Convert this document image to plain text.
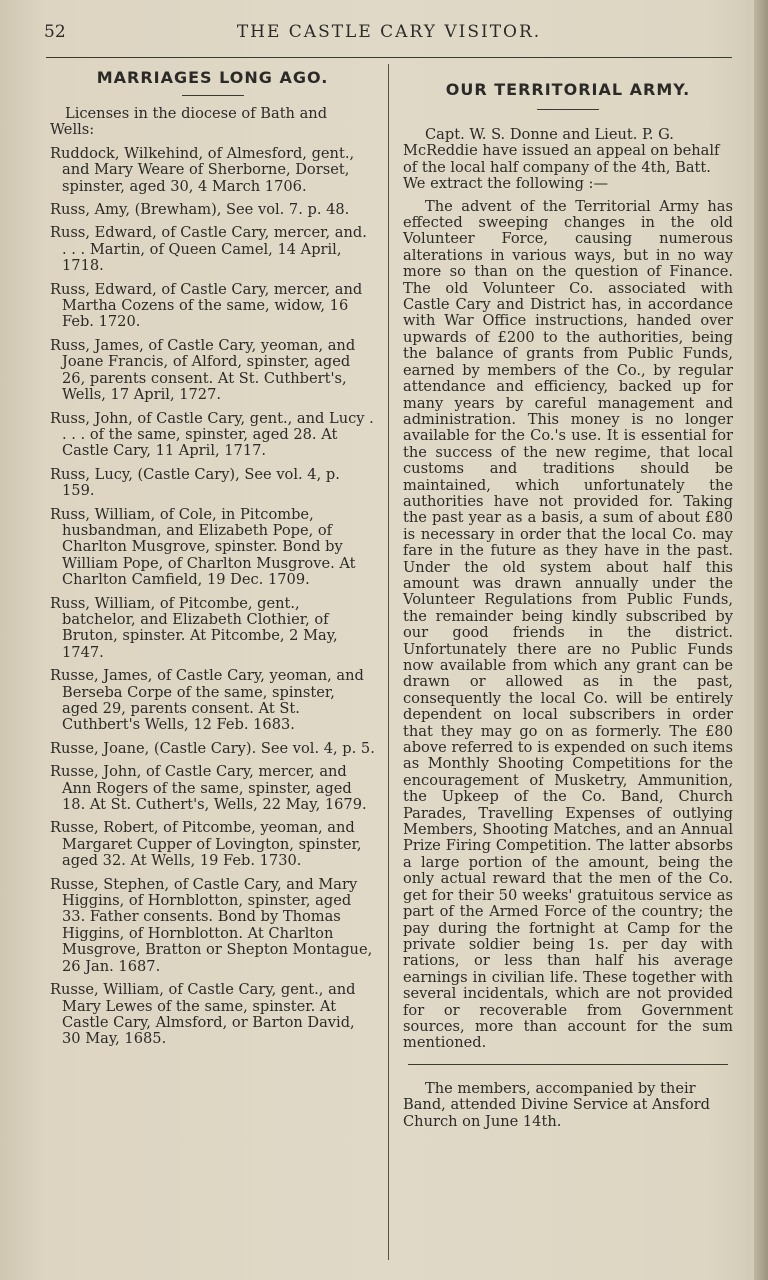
52	THE CASTLE CARY VISITOR.
MARRIAGES LONG AGO.

Licenses in the diocese of Bath and Wells:

Ruddock, Wilkehind, of Almesford, gent., and Mary Weare of Sherborne, Dorset, spinster, aged 30, 4 March 1706.

Russ, Amy, (Brewham), See vol. 7. p. 48.

Russ, Edward, of Castle Cary, mercer, and. . . . Martin, of Queen Camel, 14 April, 1718.

Russ, Edward, of Castle Cary, mercer, and Martha Cozens of the same, widow, 16 Feb. 1720.

Russ, James, of Castle Cary, yeoman, and Joane Francis, of Alford, spinster, aged 26, parents consent. At St. Cuthbert's, Wells, 17 April, 1727.

Russ, John, of Castle Cary, gent., and Lucy . . . . of the same, spinster, aged 28. At Castle Cary, 11 April, 1717.

Russ, Lucy, (Castle Cary), See vol. 4, p. 159.

Russ, William, of Cole, in Pitcombe, husbandman, and Elizabeth Pope, of Charlton Musgrove, spinster. Bond by William Pope, of Charlton Musgrove. At Charlton Camfield, 19 Dec. 1709.

Russ, William, of Pitcombe, gent., batchelor, and Elizabeth Clothier, of Bruton, spinster. At Pitcombe, 2 May, 1747.

Russe, James, of Castle Cary, yeoman, and Berseba Corpe of the same, spinster, aged 29, parents consent. At St. Cuthbert's Wells, 12 Feb. 1683.

Russe, Joane, (Castle Cary). See vol. 4, p. 5.

Russe, John, of Castle Cary, mercer, and Ann Rogers of the same, spinster, aged 18. At St. Cuthert's, Wells, 22 May, 1679.

Russe, Robert, of Pitcombe, yeoman, and Margaret Cupper of Lovington, spinster, aged 32. At Wells, 19 Feb. 1730.

Russe, Stephen, of Castle Cary, and Mary Higgins, of Hornblotton, spinster, aged 33. Father consents. Bond by Thomas Higgins, of Hornblotton. At Charlton Musgrove, Bratton or Shepton Montague, 26 Jan. 1687.

Russe, William, of Castle Cary, gent., and Mary Lewes of the same, spinster. At Castle Cary, Almsford, or Barton David, 30 May, 1685.

OUR TERRITORIAL ARMY.

Capt. W. S. Donne and Lieut. P. G. McReddie have issued an appeal on behalf of the local half company of the 4th, Batt. We extract the following :—

The advent of the Territorial Army has effected sweeping changes in the old Volunteer Force, causing numerous alterations in various ways, but in no way more so than on the question of Finance. The old Volunteer Co. associated with Castle Cary and District has, in accordance with War Office instructions, handed over upwards of £200 to the authorities, being the balance of grants from Public Funds, earned by members of the Co., by regular attendance and efficiency, backed up for many years by careful management and administration. This money is no longer available for the Co.'s use. It is essential for the success of the new regime, that local customs and traditions should be maintained, which unfortunately the authorities have not provided for. Taking the past year as a basis, a sum of about £80 is necessary in order that the local Co. may fare in the future as they have in the past. Under the old system about half this amount was drawn annually under the Volunteer Regulations from Public Funds, the remainder being kindly subscribed by our good friends in the district. Unfortunately there are no Public Funds now available from which any grant can be drawn or allowed as in the past, consequently the local Co. will be entirely dependent on local subscribers in order that they may go on as formerly. The £80 above referred to is expended on such items as Monthly Shooting Competitions for the encouragement of Musketry, Ammunition, the Upkeep of the Co. Band, Church Parades, Travelling Expenses of outlying Members, Shooting Matches, and an Annual Prize Firing Competition. The latter absorbs a large portion of the amount, being the only actual reward that the men of the Co. get for their 50 weeks' gratuitous service as part of the Armed Force of the country; the pay during the fortnight at Camp for the private soldier being 1s. per day with rations, or less than half his average earnings in civilian life. These together with several incidentals, which are not provided for or recoverable from Government sources, more than account for the sum mentioned.

The members, accompanied by their Band, attended Divine Service at Ansford Church on June 14th.
